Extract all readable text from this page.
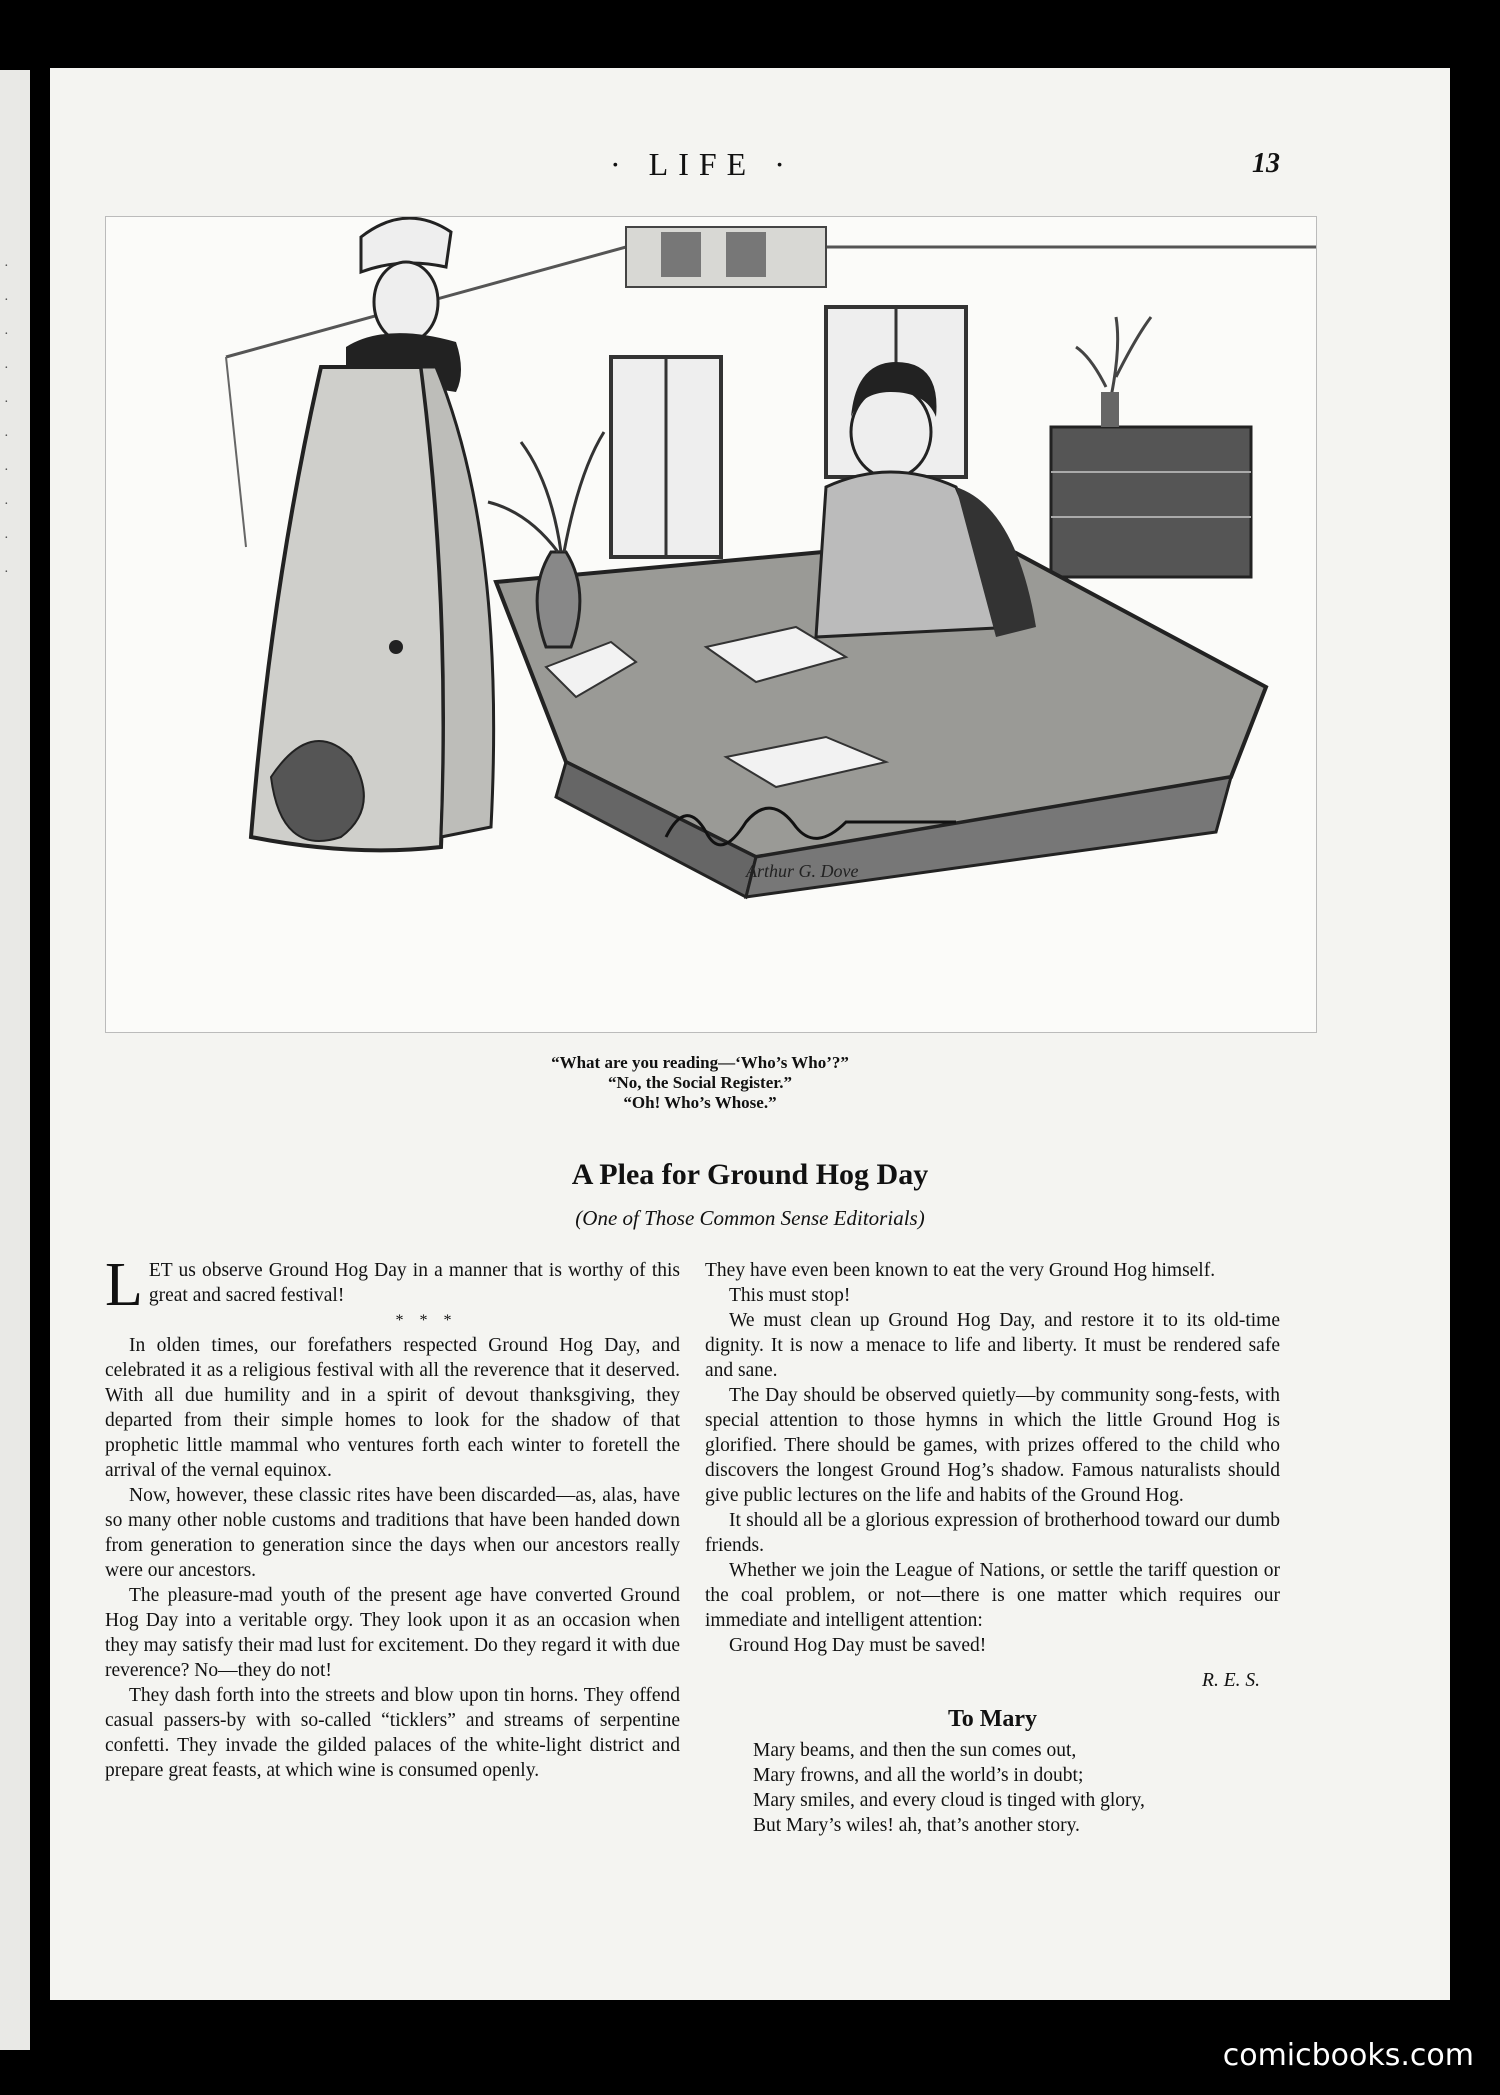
· · · · · · · · · ·
· LIFE ·	13
Arthur G. Dove
“What are you reading—‘Who’s Who’?”
“No, the Social Register.”
“Oh! Who’s Whose.”
A Plea for Ground Hog Day
(One of Those Common Sense Editorials)

LET us observe Ground Hog Day in a manner that is worthy of this great and sacred festival!

* * *

In olden times, our forefathers respected Ground Hog Day, and celebrated it as a religious festival with all the reverence that it deserved. With all due humility and in a spirit of devout thanksgiving, they departed from their simple homes to look for the shadow of that prophetic little mammal who ventures forth each winter to foretell the arrival of the vernal equinox.

Now, however, these classic rites have been discarded—as, alas, have so many other noble customs and traditions that have been handed down from generation to generation since the days when our ancestors really were our ancestors.

The pleasure-mad youth of the present age have converted Ground Hog Day into a veritable orgy. They look upon it as an occasion when they may satisfy their mad lust for excitement. Do they regard it with due reverence? No—they do not!

They dash forth into the streets and blow upon tin horns. They offend casual passers-by with so-called “ticklers” and streams of serpentine confetti. They invade the gilded palaces of the white-light district and prepare great feasts, at which wine is consumed openly.

They have even been known to eat the very Ground Hog himself.

This must stop!

We must clean up Ground Hog Day, and restore it to its old-time dignity. It is now a menace to life and liberty. It must be rendered safe and sane.

The Day should be observed quietly—by community song-fests, with special attention to those hymns in which the little Ground Hog is glorified. There should be games, with prizes offered to the child who discovers the longest Ground Hog’s shadow. Famous naturalists should give public lectures on the life and habits of the Ground Hog.

It should all be a glorious expression of brotherhood toward our dumb friends.

Whether we join the League of Nations, or settle the tariff question or the coal problem, or not—there is one matter which requires our immediate and intelligent attention:

Ground Hog Day must be saved!

R. E. S.

To Mary

Mary beams, and then the sun comes out,

Mary frowns, and all the world’s in doubt;

Mary smiles, and every cloud is tinged with glory,

But Mary’s wiles! ah, that’s another story.

comicbooks.com
